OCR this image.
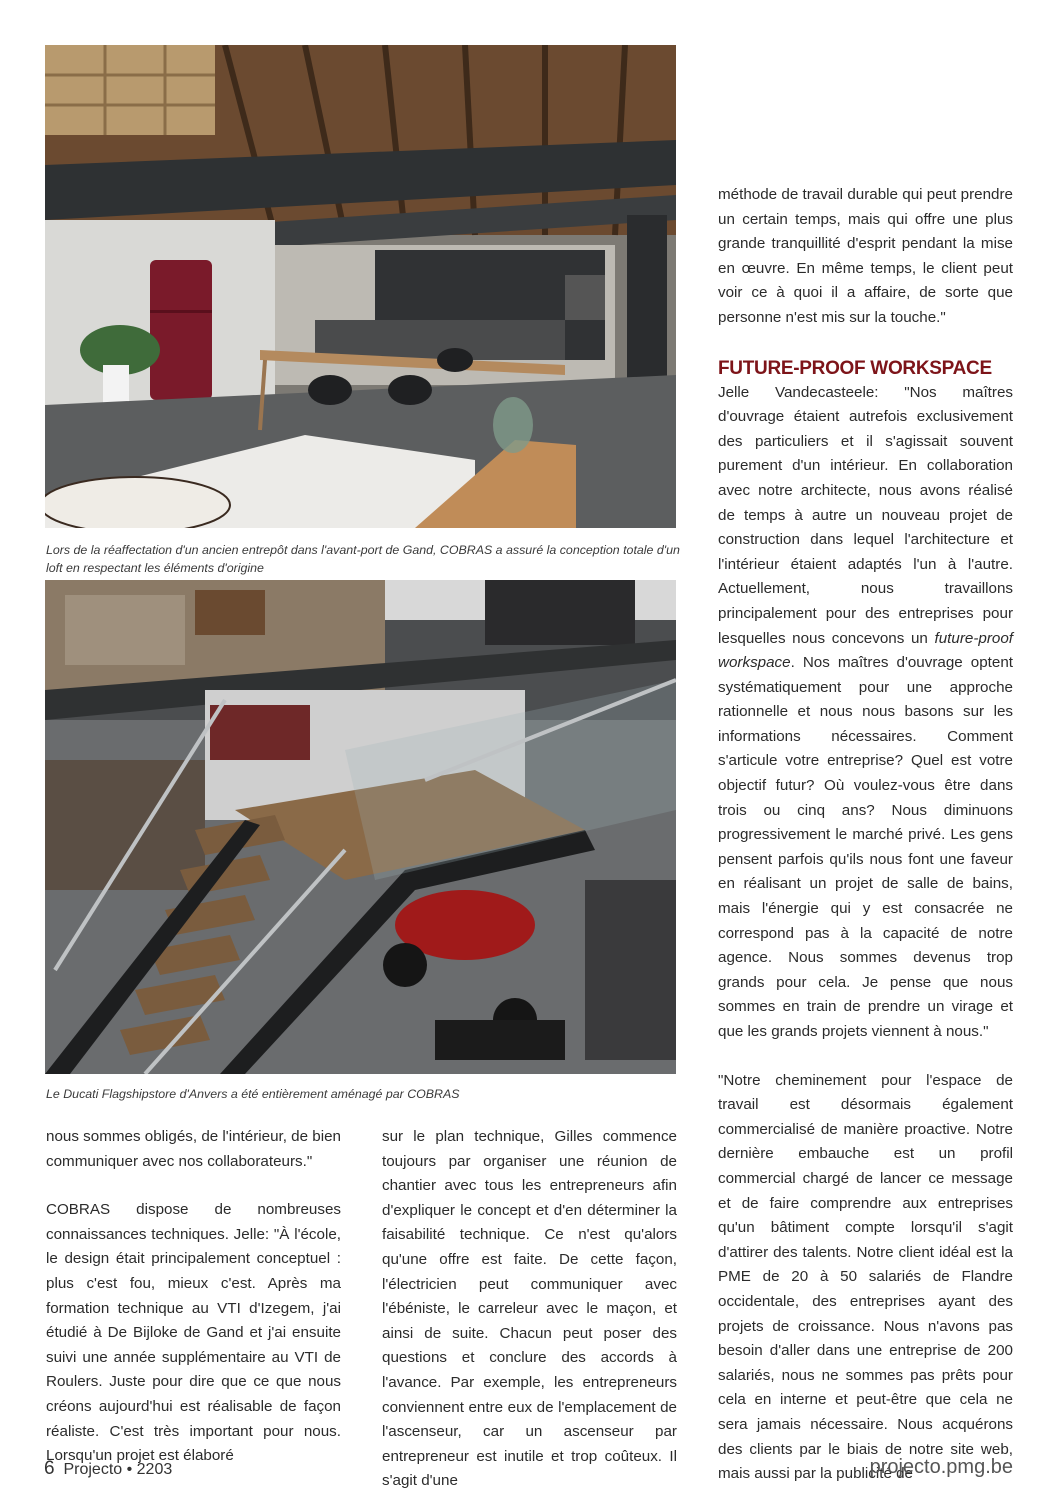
Lors de la réaffectation d'un ancien entrepôt dans l'avant-port de Gand, COBRAS a assuré la conception totale d'un loft en respectant les éléments d'origine

Le Ducati Flagshipstore d'Anvers a été entièrement aménagé par COBRAS

nous sommes obligés, de l'intérieur, de bien communiquer avec nos collaborateurs."

COBRAS dispose de nombreuses connaissances techniques. Jelle: "À l'école, le design était principalement conceptuel : plus c'est fou, mieux c'est. Après ma formation technique au VTI d'Izegem, j'ai étudié à De Bijloke de Gand et j'ai ensuite suivi une année supplémentaire au VTI de Roulers. Juste pour dire que ce que nous créons aujourd'hui est réalisable de façon réaliste. C'est très important pour nous. Lorsqu'un projet est élaboré

sur le plan technique, Gilles commence toujours par organiser une réunion de chantier avec tous les entrepreneurs afin d'expliquer le concept et d'en déterminer la faisabilité technique. Ce n'est qu'alors qu'une offre est faite. De cette façon, l'électricien peut communiquer avec l'ébéniste, le carreleur avec le maçon, et ainsi de suite. Chacun peut poser des questions et conclure des accords à l'avance. Par exemple, les entrepreneurs conviennent entre eux de l'emplacement de l'ascenseur, car un ascenseur par entrepreneur est inutile et trop coûteux. Il s'agit d'une

méthode de travail durable qui peut prendre un certain temps, mais qui offre une plus grande tranquillité d'esprit pendant la mise en œuvre. En même temps, le client peut voir ce à quoi il a affaire, de sorte que personne n'est mis sur la touche."

FUTURE-PROOF WORKSPACE

Jelle Vandecasteele: "Nos maîtres d'ouvrage étaient autrefois exclusivement des particuliers et il s'agissait souvent purement d'un intérieur. En collaboration avec notre architecte, nous avons réalisé de temps à autre un nouveau projet de construction dans lequel l'architecture et l'intérieur étaient adaptés l'un à l'autre. Actuellement, nous travaillons principalement pour des entreprises pour lesquelles nous concevons un future-proof workspace. Nos maîtres d'ouvrage optent systématiquement pour une approche rationnelle et nous nous basons sur les informations nécessaires. Comment s'articule votre entreprise? Quel est votre objectif futur? Où voulez-vous être dans trois ou cinq ans? Nous diminuons progressivement le marché privé. Les gens pensent parfois qu'ils nous font une faveur en réalisant un projet de salle de bains, mais l'énergie qui y est consacrée ne correspond pas à la capacité de notre agence. Nous sommes devenus trop grands pour cela. Je pense que nous sommes en train de prendre un virage et que les grands projets viennent à nous."

"Notre cheminement pour l'espace de travail est désormais également commercialisé de manière proactive. Notre dernière embauche est un profil commercial chargé de lancer ce message et de faire comprendre aux entreprises qu'un bâtiment compte lorsqu'il s'agit d'attirer des talents. Notre client idéal est la PME de 20 à 50 salariés de Flandre occidentale, des entreprises ayant des projets de croissance. Nous n'avons pas besoin d'aller dans une entreprise de 200 salariés, nous ne sommes pas prêts pour cela en interne et peut-être que cela ne sera jamais nécessaire. Nous acquérons des clients par le biais de notre site web, mais aussi par la publicité de

6 Projecto • 2203	projecto.pmg.be
